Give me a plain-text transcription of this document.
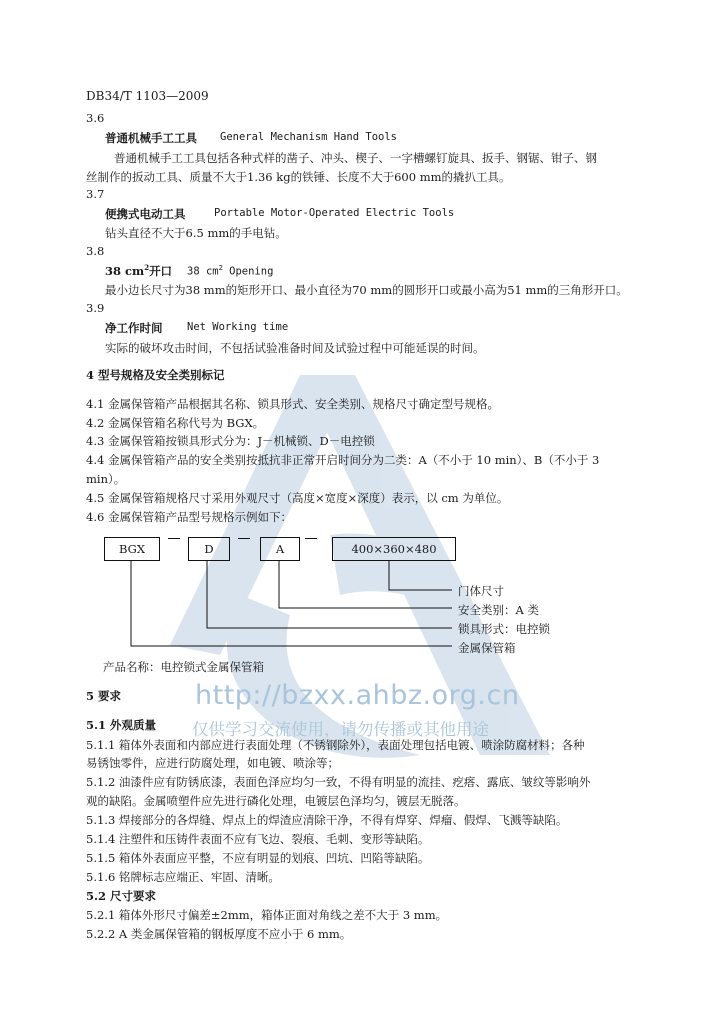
http://bzxx.ahbz.org.cn
仅供学习交流使用，请勿传播或其他用途
DB34/T 1103—2009
3.6
普通机械手工工具 General Mechanism Hand Tools
普通机械手工工具包括各种式样的凿子、冲头、楔子、一字槽螺钉旋具、扳手、钢锯、钳子、钢
丝制作的扳动工具、质量不大于1.36 kg的铁锤、长度不大于600 mm的撬扒工具。
3.7
便携式电动工具	Portable Motor-Operated Electric Tools
钻头直径不大于6.5 mm的手电钻。
3.8
38 $cm^2$开口 38 $cm^2$ Opening
最小边长尺寸为38 mm的矩形开口、最小直径为70 mm的圆形开口或最小高为51 mm的三角形开口。
3.9
净工作时间 Net Working time
实际的破坏攻击时间，不包括试验准备时间及试验过程中可能延误的时间。
4 型号规格及安全类别标记
4.1 金属保管箱产品根据其名称、锁具形式、安全类别、规格尺寸确定型号规格。
4.2 金属保管箱名称代号为 BGX。
4.3 金属保管箱按锁具形式分为：J－机械锁、D－电控锁
4.4 金属保管箱产品的安全类别按抵抗非正常开启时间分为二类：A（不小于 10 min）、B（不小于 3
min）。
4.5 金属保管箱规格尺寸采用外观尺寸（高度×宽度×深度）表示，以 cm 为单位。
4.6 金属保管箱产品型号规格示例如下：
BGX	D	A	400×360×480
门体尺寸
安全类别：A 类
锁具形式：电控锁
金属保管箱
产品名称：电控锁式金属保管箱
5 要求
5.1 外观质量
5.1.1 箱体外表面和内部应进行表面处理（不锈钢除外），表面处理包括电镀、喷涂防腐材料；各种
易锈蚀零件，应进行防腐处理，如电镀、喷涂等；
5.1.2 油漆件应有防锈底漆，表面色泽应均匀一致，不得有明显的流挂、疙瘩、露底、皱纹等影响外
观的缺陷。金属喷塑件应先进行磷化处理，电镀层色泽均匀，镀层无脱落。
5.1.3 焊接部分的各焊缝、焊点上的焊渣应清除干净，不得有焊穿、焊瘤、假焊、飞溅等缺陷。
5.1.4 注塑件和压铸件表面不应有飞边、裂痕、毛刺、变形等缺陷。
5.1.5 箱体外表面应平整，不应有明显的划痕、凹坑、凹陷等缺陷。
5.1.6 铭牌标志应端正、牢固、清晰。
5.2 尺寸要求
5.2.1 箱体外形尺寸偏差±2mm，箱体正面对角线之差不大于 3 mm。
5.2.2 A 类金属保管箱的钢板厚度不应小于 6 mm。
